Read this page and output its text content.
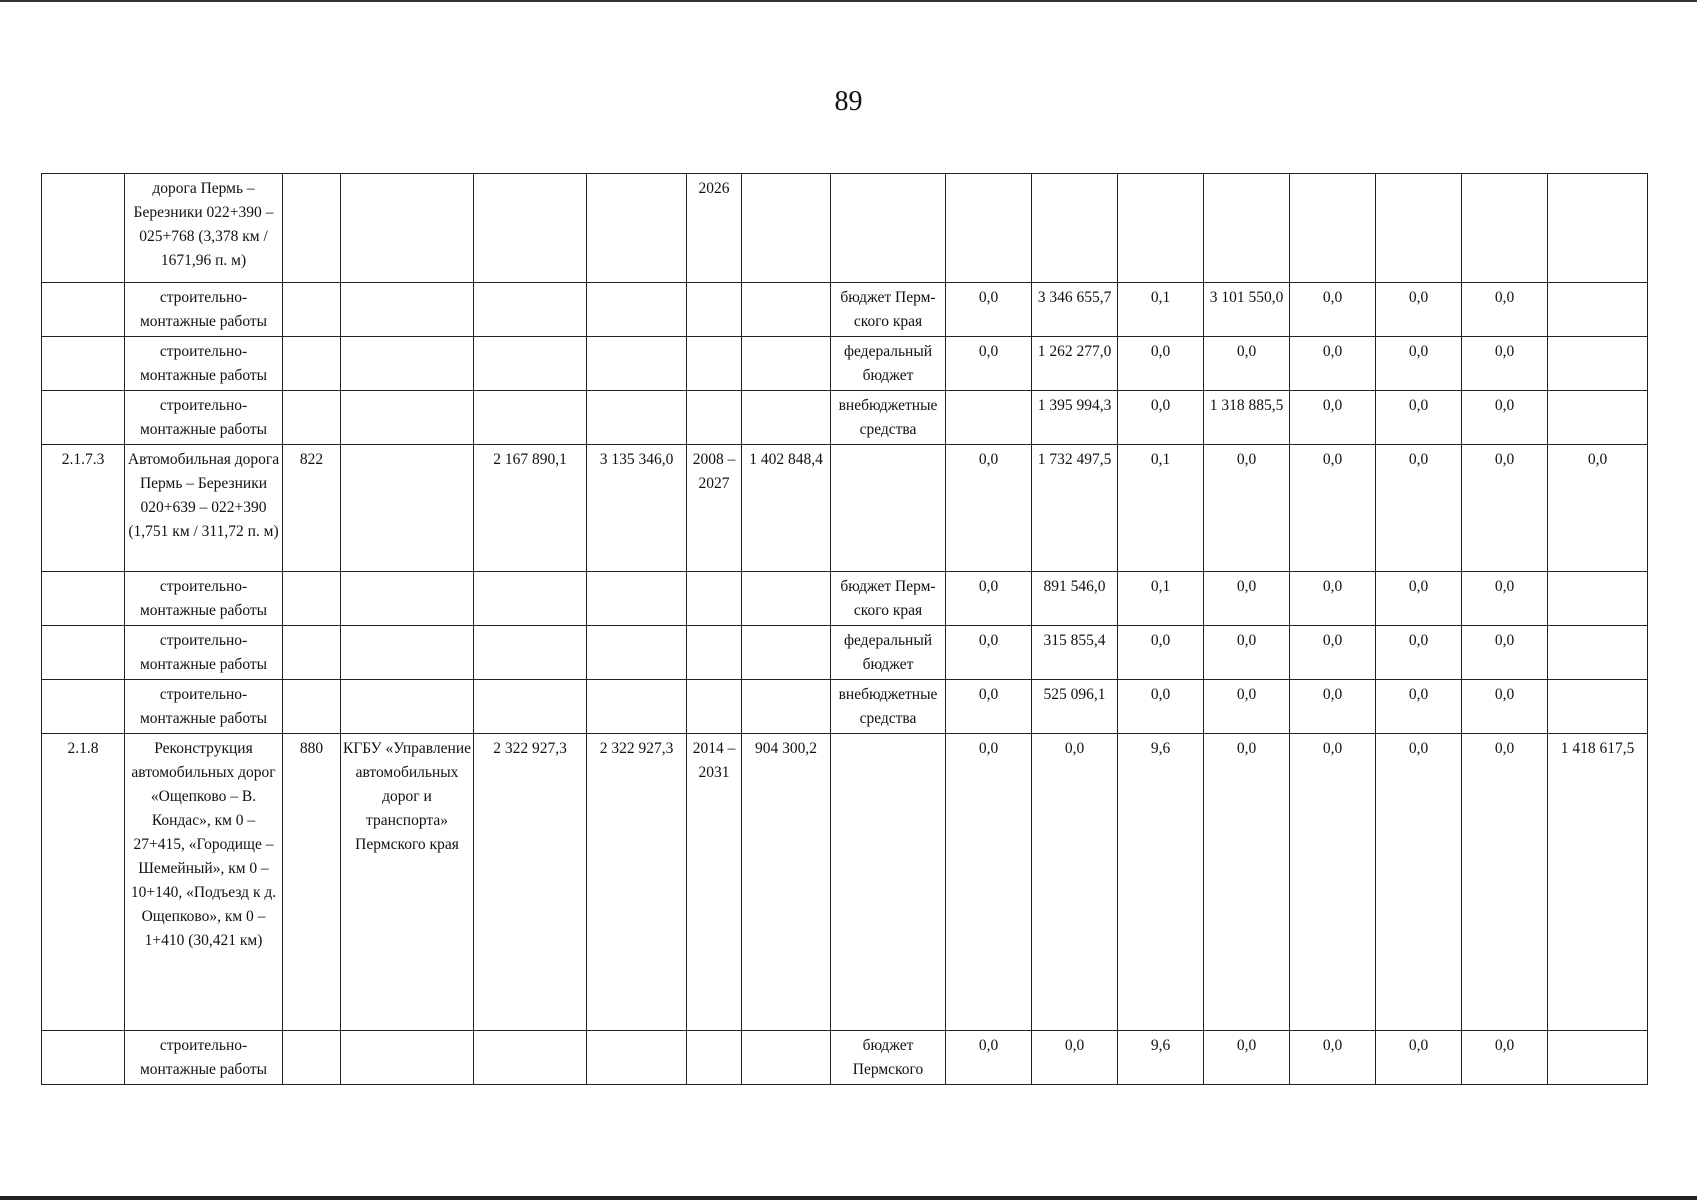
89
	дорога Пермь – Березники 022+390 – 025+768 (3,378 км / 1671,96 п. м)					2026										
	строительно-монтажные работы							бюджет Перм-ского края	0,0	3 346 655,7	0,1	3 101 550,0	0,0	0,0	0,0	
	строительно-монтажные работы							федеральный бюджет	0,0	1 262 277,0	0,0	0,0	0,0	0,0	0,0	
	строительно-монтажные работы							внебюджетные средства		1 395 994,3	0,0	1 318 885,5	0,0	0,0	0,0	
2.1.7.3	Автомобильная дорога Пермь – Березники 020+639 – 022+390 (1,751 км / 311,72 п. м)	822		2 167 890,1	3 135 346,0	2008 – 2027	1 402 848,4		0,0	1 732 497,5	0,1	0,0	0,0	0,0	0,0	0,0
	строительно-монтажные работы							бюджет Перм-ского края	0,0	891 546,0	0,1	0,0	0,0	0,0	0,0	
	строительно-монтажные работы							федеральный бюджет	0,0	315 855,4	0,0	0,0	0,0	0,0	0,0	
	строительно-монтажные работы							внебюджетные средства	0,0	525 096,1	0,0	0,0	0,0	0,0	0,0	
2.1.8	Реконструкция автомобильных дорог «Ощепково – В. Кондас», км 0 – 27+415, «Городище – Шемейный», км 0 – 10+140, «Подъезд к д. Ощепково», км 0 – 1+410 (30,421 км)	880	КГБУ «Управление автомобильных дорог и транспорта» Пермского края	2 322 927,3	2 322 927,3	2014 – 2031	904 300,2		0,0	0,0	9,6	0,0	0,0	0,0	0,0	1 418 617,5
	строительно-монтажные работы							бюджет Пермского	0,0	0,0	9,6	0,0	0,0	0,0	0,0	
